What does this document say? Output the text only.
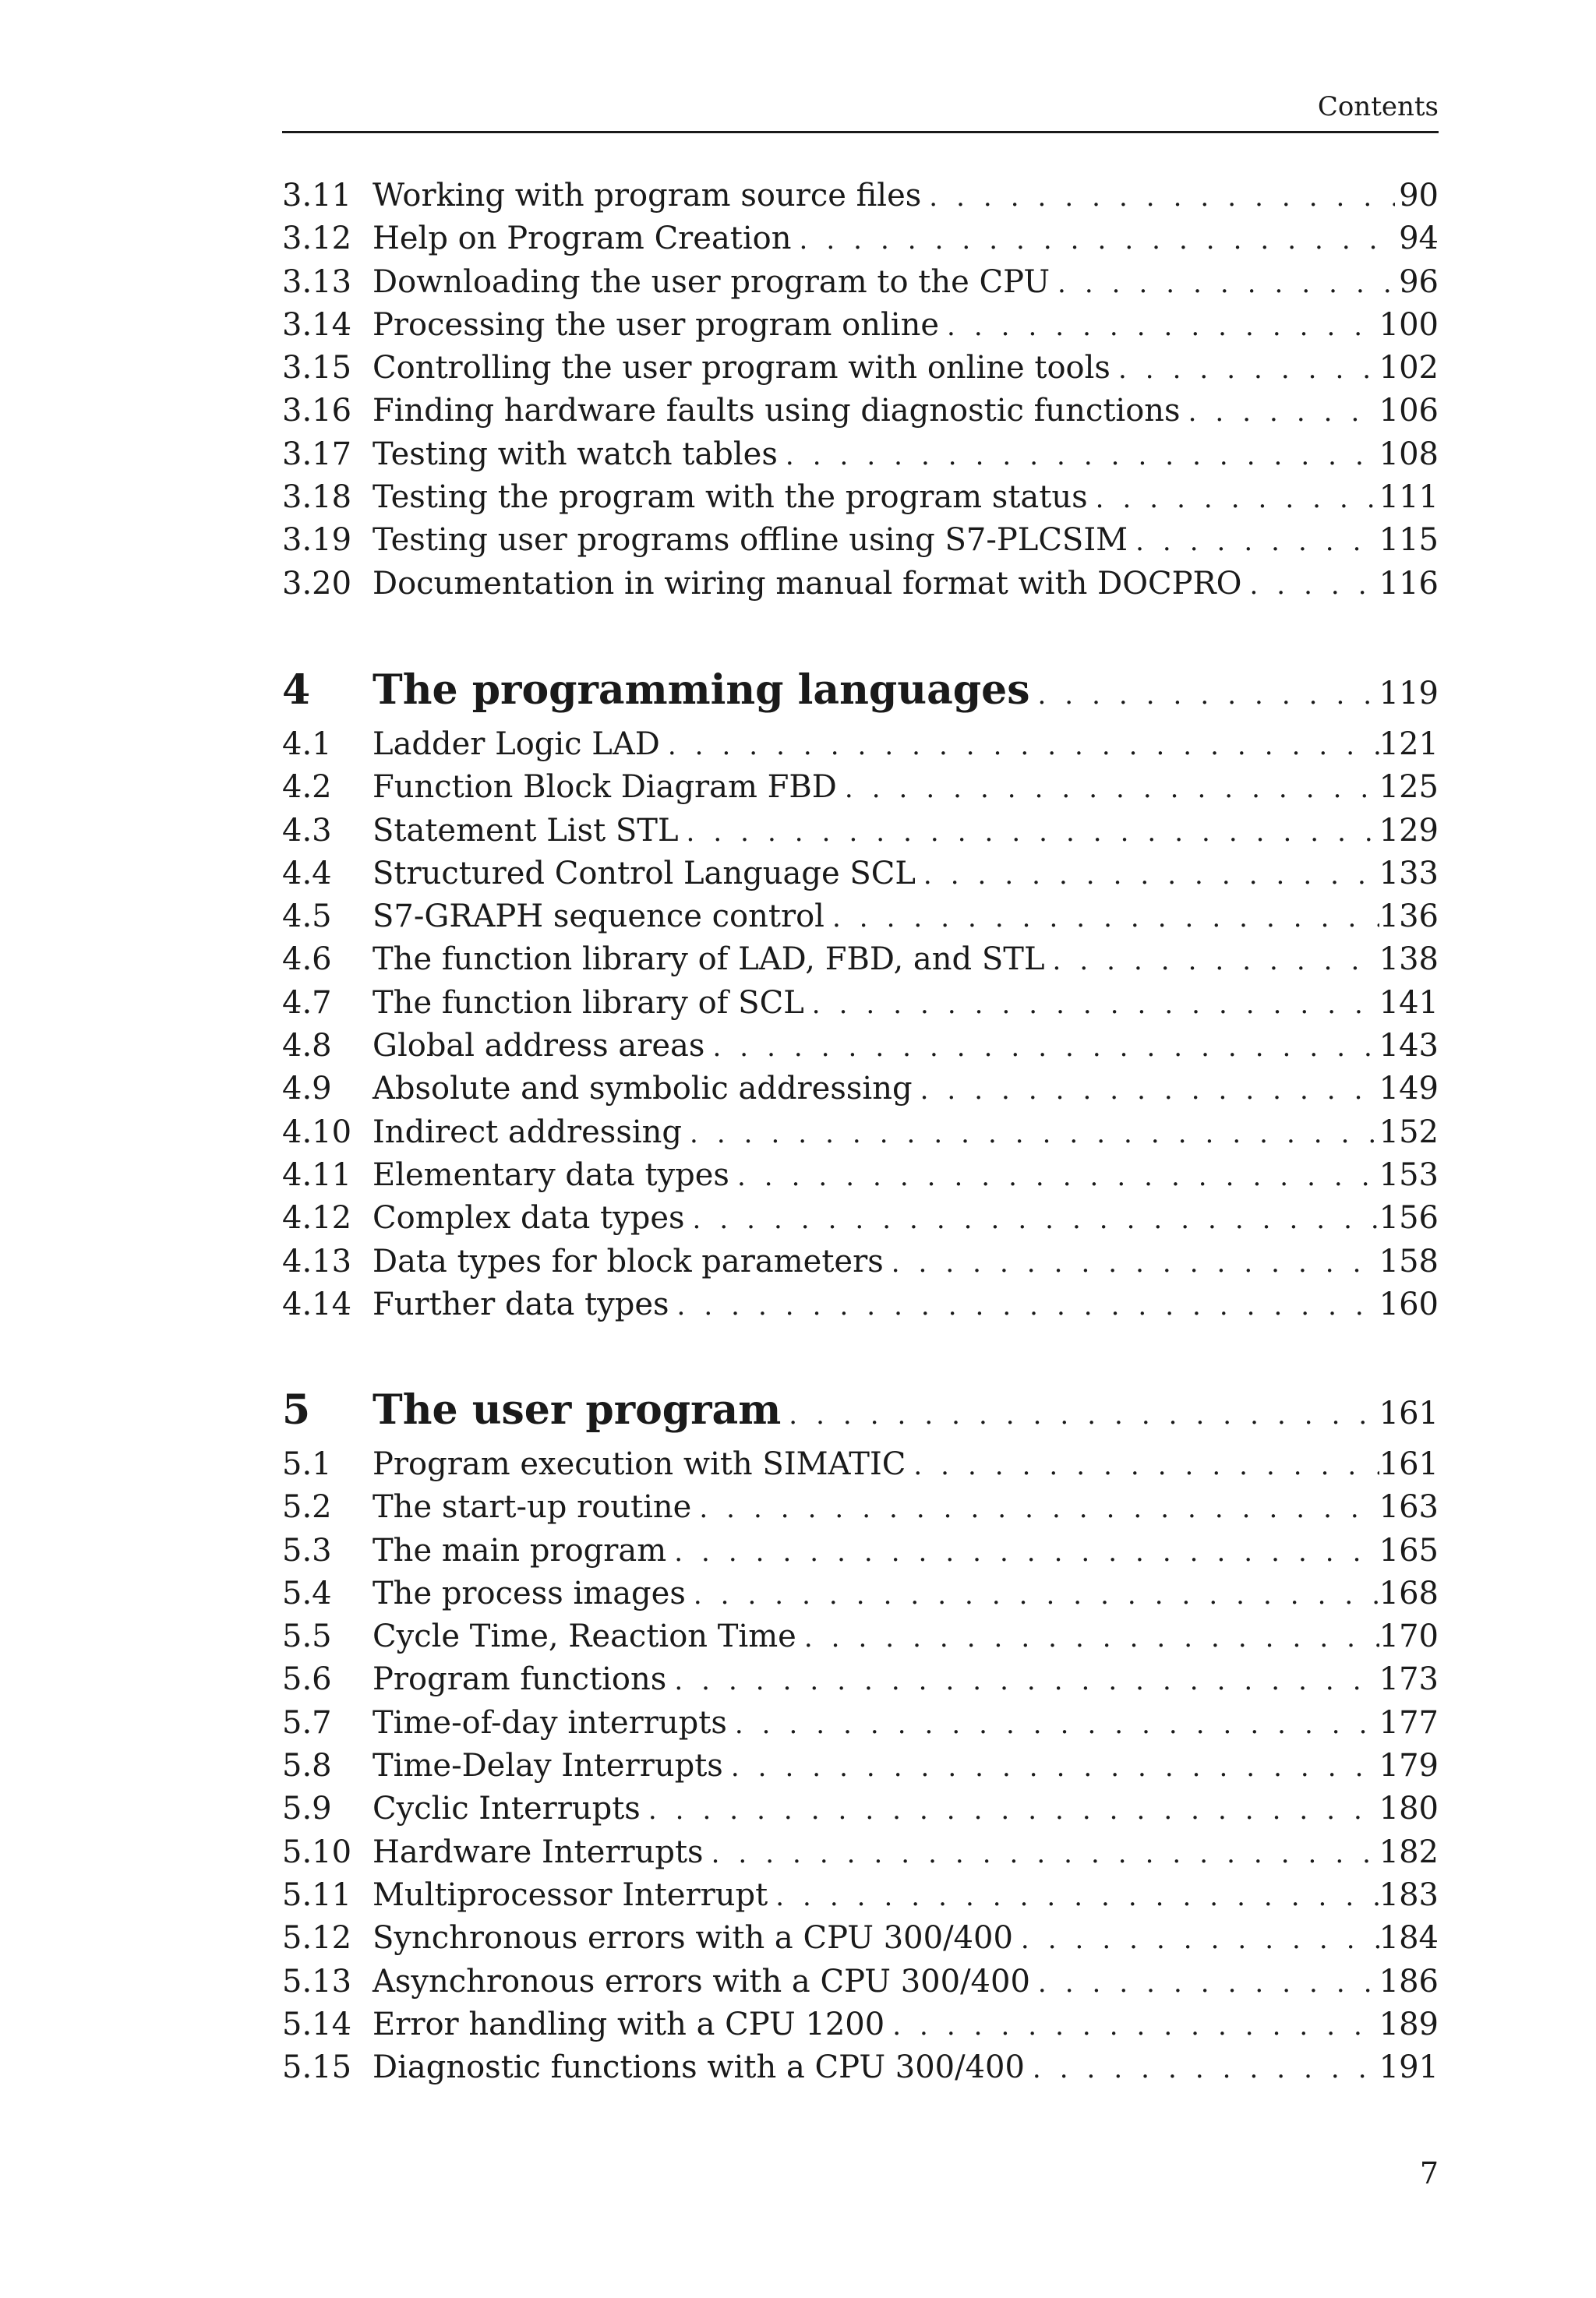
Contents
3.11 Working with program source files . . .	90
3.12 Help on Program Creation . . .	94
3.13 Downloading the user program to the CPU . . .	96
3.14 Processing the user program online . . .	100
3.15 Controlling the user program with online tools . . .	102
3.16 Finding hardware faults using diagnostic functions . . .	106
3.17 Testing with watch tables . . .	108
3.18 Testing the program with the program status . . .	111
3.19 Testing user programs offline using S7-PLCSIM . . .	115
3.20 Documentation in wiring manual format with DOCPRO . . .	116
4	The programming languages . . .	119
4.1	Ladder Logic LAD . . .	121
4.2	Function Block Diagram FBD . . .	125
4.3	Statement List STL . . .	129
4.4	Structured Control Language SCL . . .	133
4.5	S7-GRAPH sequence control . . .	136
4.6	The function library of LAD, FBD, and STL . . .	138
4.7	The function library of SCL . . .	141
4.8	Global address areas . . .	143
4.9	Absolute and symbolic addressing . . .	149
4.10 Indirect addressing . . .	152
4.11 Elementary data types . . .	153
4.12 Complex data types . . .	156
4.13 Data types for block parameters . . .	158
4.14 Further data types . . .	160
5	The user program . . .	161
5.1	Program execution with SIMATIC . . .	161
5.2	The start-up routine . . .	163
5.3	The main program . . .	165
5.4	The process images . . .	168
5.5	Cycle Time, Reaction Time . . .	170
5.6	Program functions . . .	173
5.7	Time-of-day interrupts . . .	177
5.8	Time-Delay Interrupts . . .	179
5.9	Cyclic Interrupts . . .	180
5.10 Hardware Interrupts . . .	182
5.11 Multiprocessor Interrupt . . .	183
5.12 Synchronous errors with a CPU 300/400 . . .	184
5.13 Asynchronous errors with a CPU 300/400 . . .	186
5.14 Error handling with a CPU 1200 . . .	189
5.15 Diagnostic functions with a CPU 300/400 . . .	191
7
